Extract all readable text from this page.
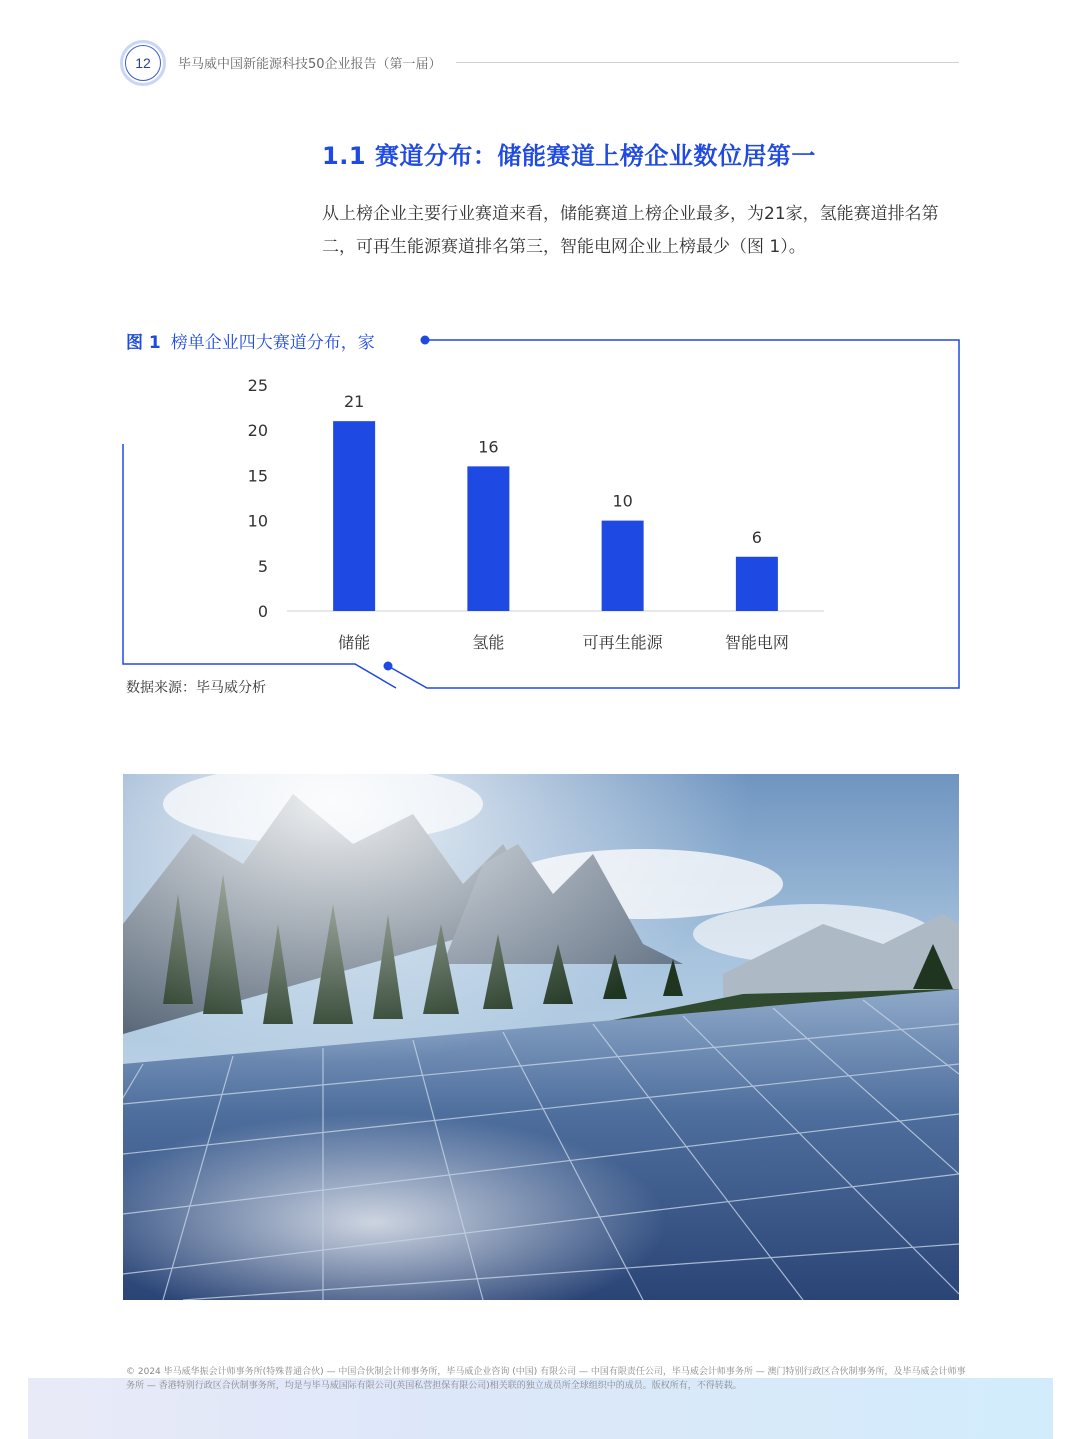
12	毕马威中国新能源科技50企业报告（第一届）
1.1 赛道分布：储能赛道上榜企业数位居第一
从上榜企业主要行业赛道来看，储能赛道上榜企业最多，为21家，氢能赛道排名第二，可再生能源赛道排名第三，智能电网企业上榜最少（图 1）。
图 1 榜单企业四大赛道分布，家
0
5
10
15
20
25
21
储能
16
氢能
10
可再生能源
6
智能电网
数据来源：毕马威分析
© 2024 毕马威华振会计师事务所(特殊普通合伙) — 中国合伙制会计师事务所，毕马威企业咨询 (中国) 有限公司 — 中国有限责任公司，毕马威会计师事务所 — 澳门特别行政区合伙制事务所，及毕马威会计师事务所 — 香港特别行政区合伙制事务所，均是与毕马威国际有限公司(英国私营担保有限公司)相关联的独立成员所全球组织中的成员。版权所有，不得转载。
